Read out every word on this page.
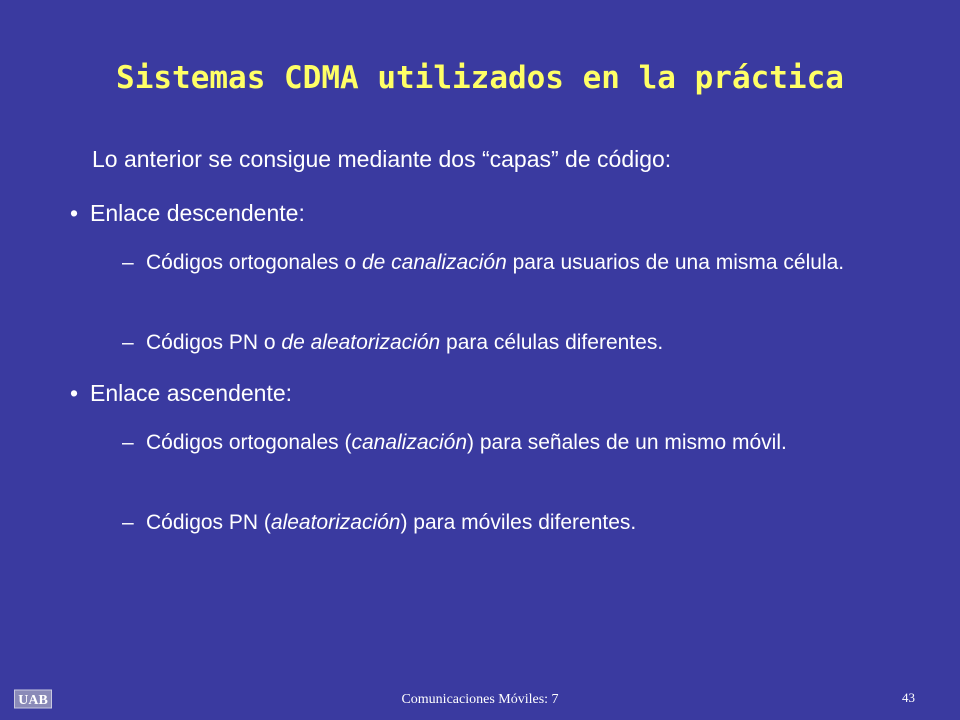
Sistemas CDMA utilizados en la práctica
Lo anterior se consigue mediante dos “capas” de código:
• Enlace descendente:
– Códigos ortogonales o de canalización para usuarios de una misma célula.
– Códigos PN o de aleatorización para células diferentes.
• Enlace ascendente:
– Códigos ortogonales (canalización) para señales de un mismo móvil.
– Códigos PN (aleatorización) para móviles diferentes.
UAB	Comunicaciones Móviles: 7	43
